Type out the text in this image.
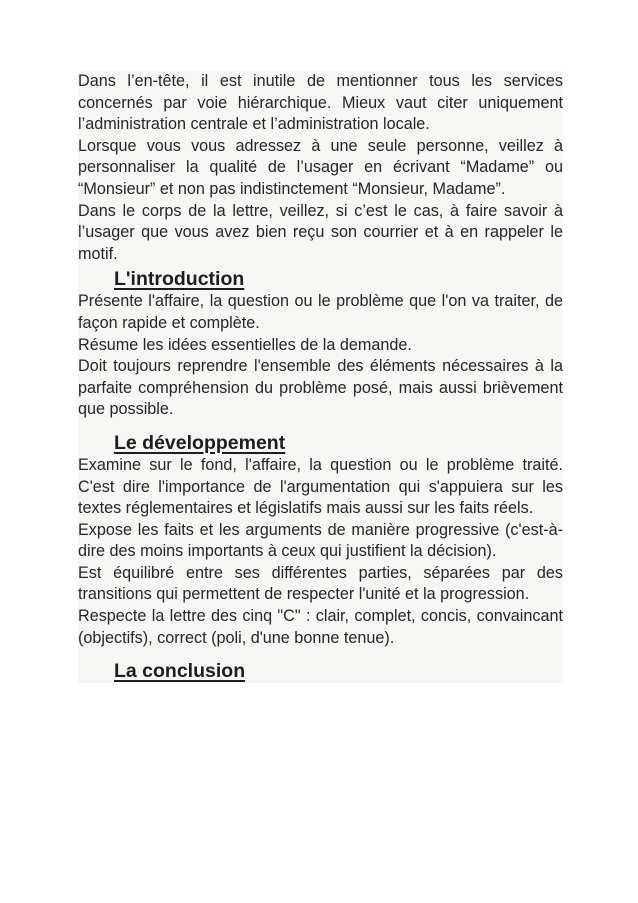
Dans l’en-tête, il est inutile de mentionner tous les services concernés par voie hiérarchique. Mieux vaut citer uniquement l’administration centrale et l’administration locale.

Lorsque vous vous adressez à une seule personne, veillez à personnaliser la qualité de l’usager en écrivant “Madame” ou “Monsieur” et non pas indistinctement “Monsieur, Madame”.

Dans le corps de la lettre, veillez, si c’est le cas, à faire savoir à l’usager que vous avez bien reçu son courrier et à en rappeler le motif.

L'introduction

Présente l'affaire, la question ou le problème que l'on va traiter, de façon rapide et complète.

Résume les idées essentielles de la demande.

Doit toujours reprendre l'ensemble des éléments nécessaires à la parfaite compréhension du problème posé, mais aussi brièvement que possible.

Le développement

Examine sur le fond, l'affaire, la question ou le problème traité. C'est dire l'importance de l'argumentation qui s'appuiera sur les textes réglementaires et législatifs mais aussi sur les faits réels.

Expose les faits et les arguments de manière progressive (c'est-à-dire des moins importants à ceux qui justifient la décision).

Est équilibré entre ses différentes parties, séparées par des transitions qui permettent de respecter l'unité et la progression.

Respecte la lettre des cinq "C" : clair, complet, concis, convaincant (objectifs), correct (poli, d'une bonne tenue).

La conclusion
